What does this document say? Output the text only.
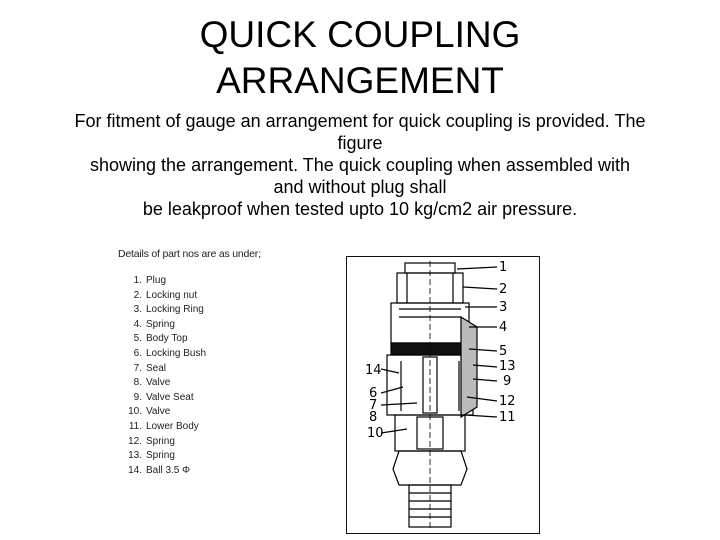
QUICK COUPLING
ARRANGEMENT
For fitment of gauge an arrangement for quick coupling is provided. The
figure
showing the arrangement. The quick coupling when assembled with
and without plug shall
be leakproof when tested upto 10 kg/cm2 air pressure.
Details of part nos are as under;
1. Plug
2. Locking nut
3. Locking Ring
4. Spring
5. Body Top
6. Locking Bush
7. Seal
8. Valve
9. Valve Seat
10. Valve
11. Lower Body
12. Spring
13. Spring
14. Ball 3.5 Φ
1
2
3
4
5
13
9
12
11
14
6
7
8
10
